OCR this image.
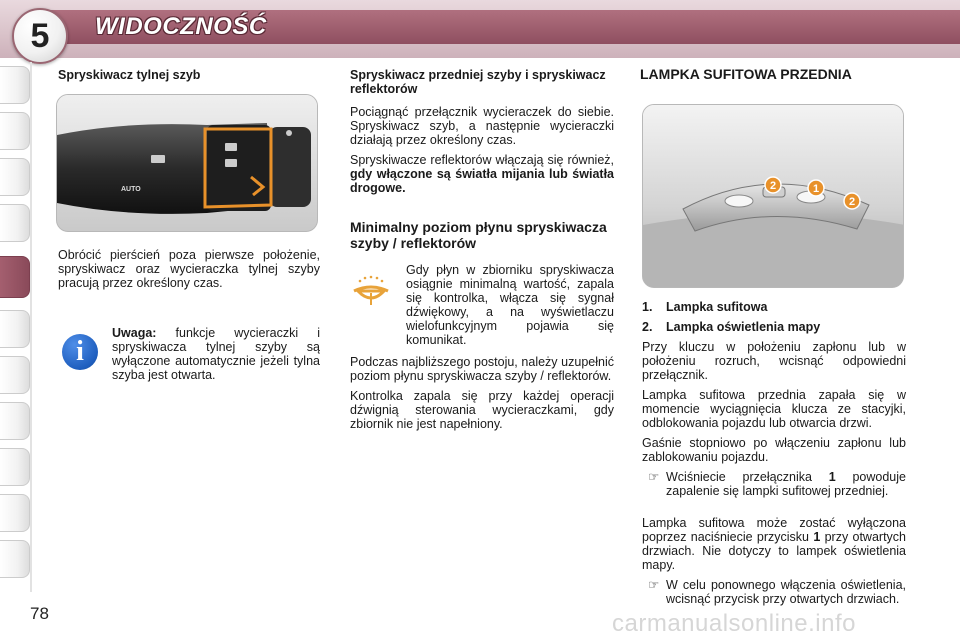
5 WIDOCZNOŚĆ
Spryskiwacz tylnej szyb
AUTO

Obrócić pierścień poza pierwsze położenie, spryskiwacz oraz wycieraczka tylnej szyby pracują przez określony czas.

i

Uwaga: funkcje wycieraczki i spryskiwacza tylnej szyby są wyłączone automatycznie jeżeli tylna szyba jest otwarta.

Spryskiwacz przedniej szyby i spryskiwacz reflektorów

Pociągnąć przełącznik wycieraczek do siebie. Spryskiwacz szyb, a następnie wycieraczki działają przez określony czas.

Spryskiwacze reflektorów włączają się również, gdy włączone są światła mijania lub światła drogowe.

Minimalny poziom płynu spryskiwacza szyby / reflektorów

Gdy płyn w zbiorniku spryskiwacza osiągnie minimalną wartość, zapala się kontrolka, włącza się sygnał dźwiękowy, a na wyświetlaczu wielofunkcyjnym pojawia się komunikat.

Podczas najbliższego postoju, należy uzupełnić poziom płynu spryskiwacza szyby / reflektorów.

Kontrolka zapala się przy każdej operacji dźwignią sterowania wycieraczkami, gdy zbiornik nie jest napełniony.

LAMPKA SUFITOWA PRZEDNIA
2	1
2
1.	Lampka sufitowa
2.	Lampka oświetlenia mapy

Przy kluczu w położeniu zapłonu lub w położeniu rozruch, wcisnąć odpowiedni przełącznik.

Lampka sufitowa przednia zapała się w momencie wyciągnięcia klucza ze stacyjki, odblokowania pojazdu lub otwarcia drzwi.

Gaśnie stopniowo po włączeniu zapłonu lub zablokowaniu pojazdu.

☞ Wciśniecie przełącznika 1 powoduje zapalenie się lampki sufitowej przedniej.

Lampka sufitowa może zostać wyłączona poprzez naciśniecie przycisku 1 przy otwartych drzwiach. Nie dotyczy to lampek oświetlenia mapy.

☞ W celu ponownego włączenia oświetlenia, wcisnąć przycisk przy otwartych drzwiach.
78	carmanualsonline.info
